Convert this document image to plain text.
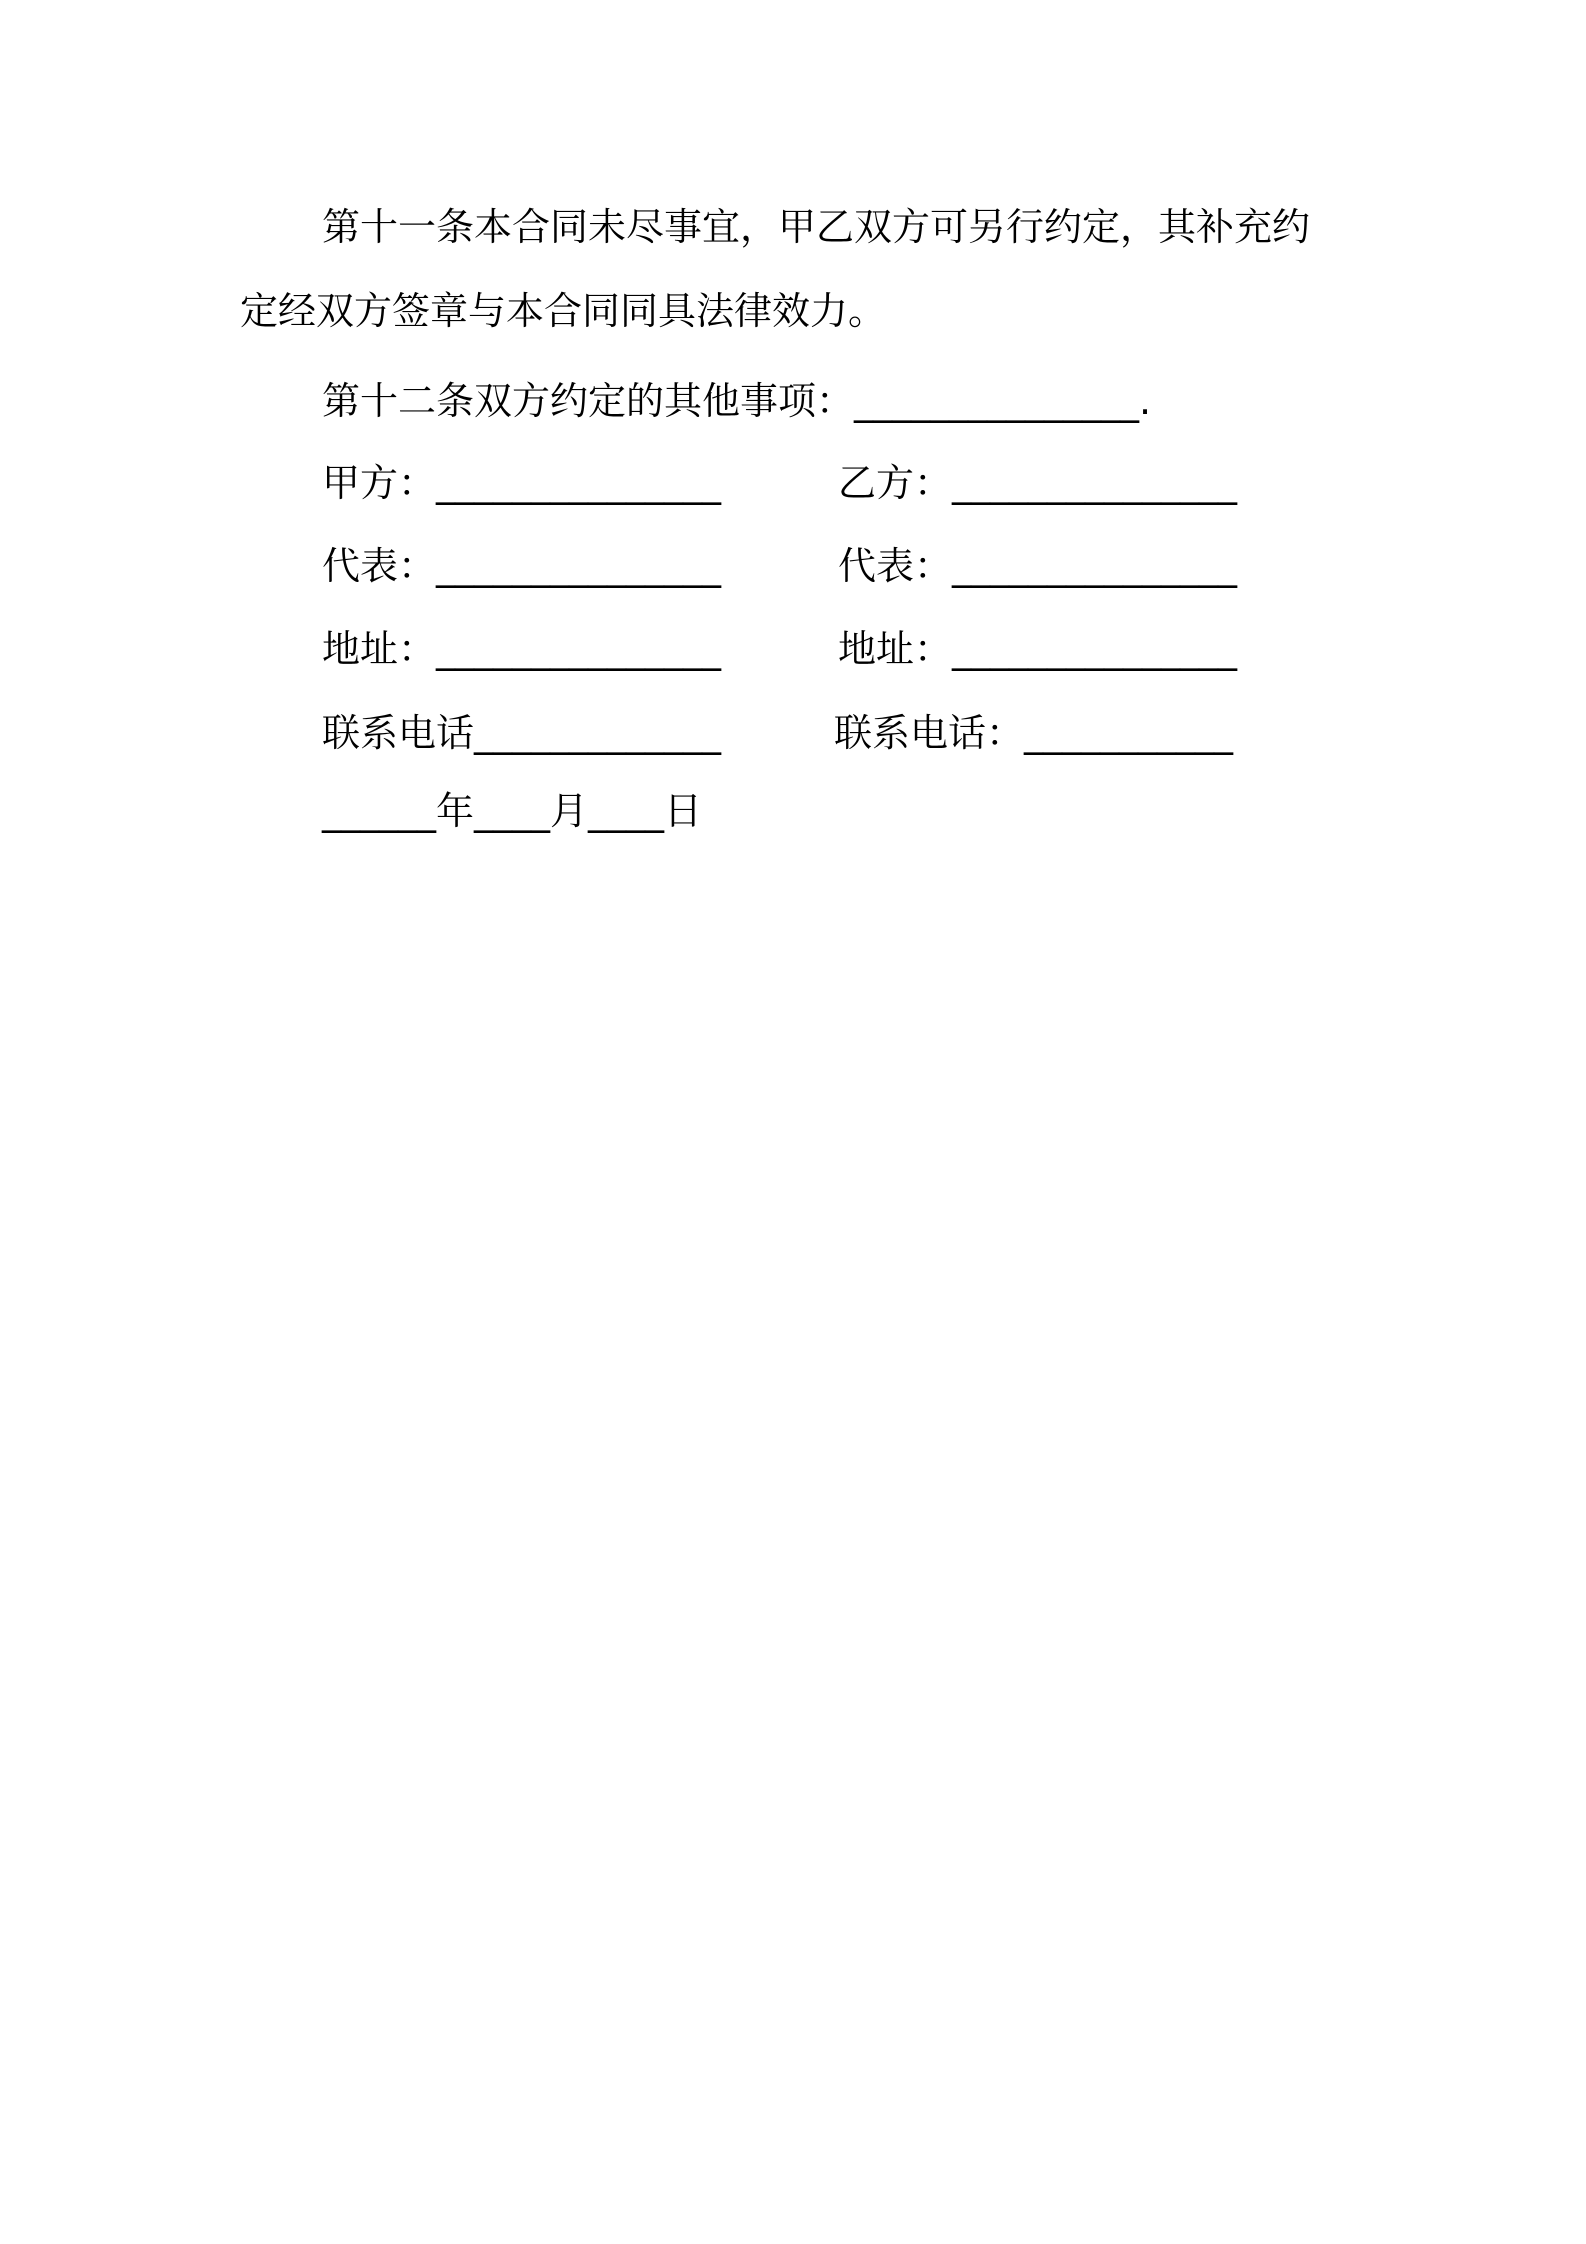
第十一条本合同未尽事宜，甲乙双方可另行约定，其补充约
定经双方签章与本合同同具法律效力。
第十二条双方约定的其他事项：_______________.
甲方：_______________	乙方：_______________
代表：_______________	代表：_______________
地址：_______________	地址：_______________
联系电话_____________	联系电话：___________
______年____月____日
